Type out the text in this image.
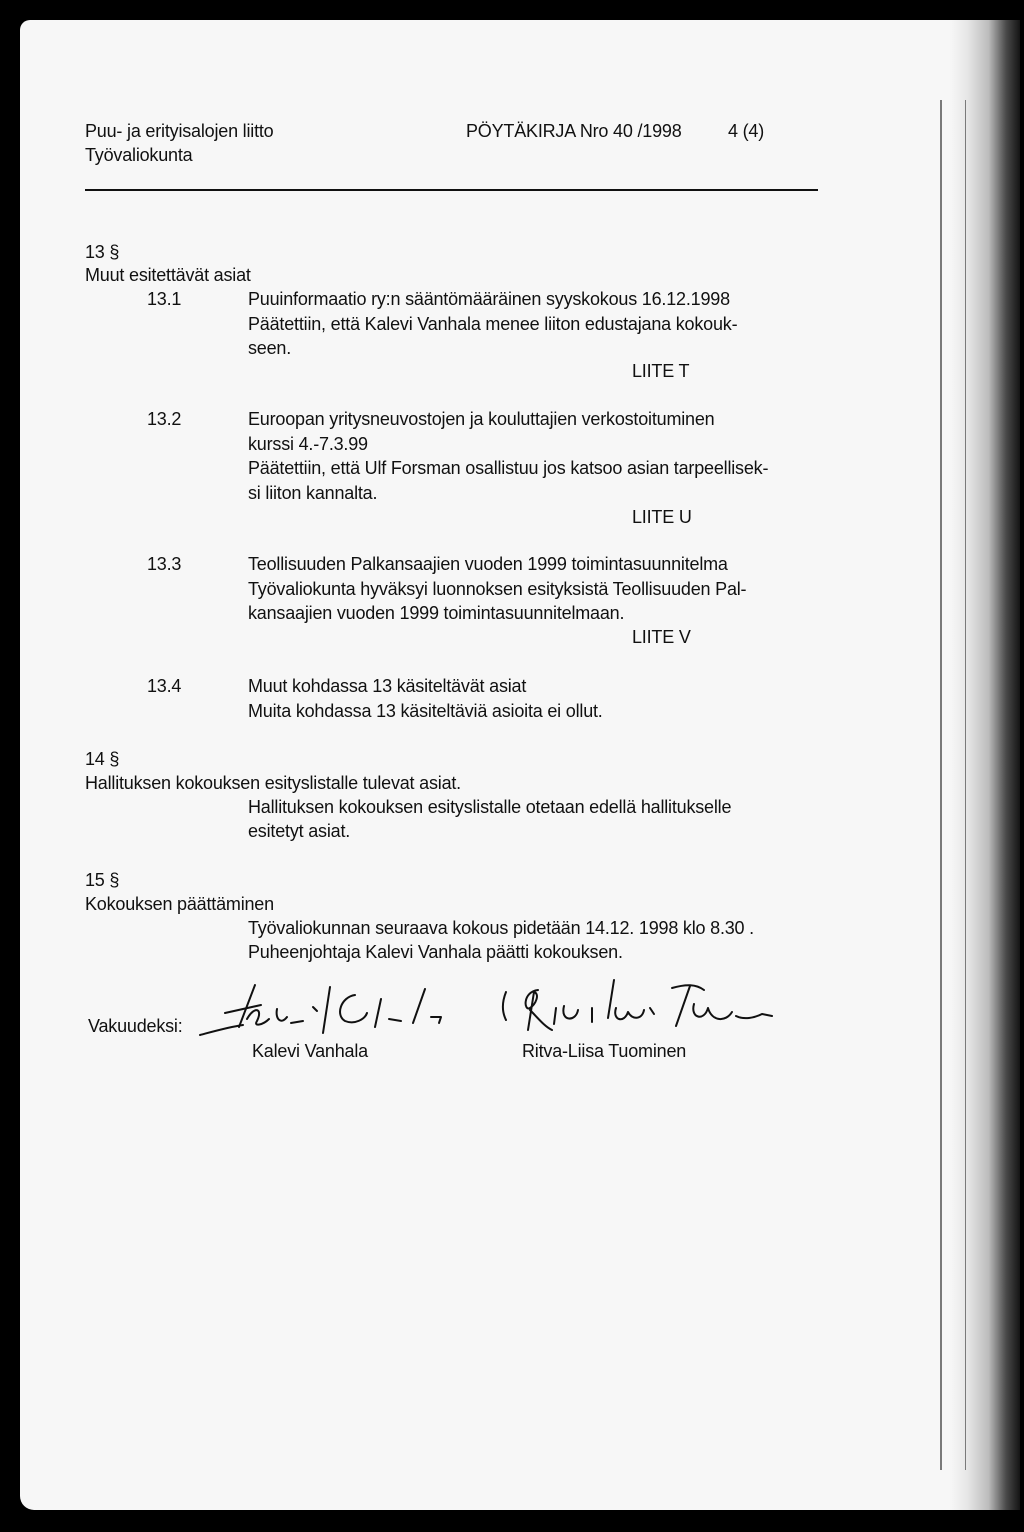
Puu- ja erityisalojen liitto
Työvaliokunta
PÖYTÄKIRJA Nro 40 /1998	4 (4)
13 §
Muut esitettävät asiat
13.1	Puuinformaatio ry:n sääntömääräinen syyskokous 16.12.1998
Päätettiin, että Kalevi Vanhala menee liiton edustajana kokouk-
seen.
LIITE T
13.2	Euroopan yritysneuvostojen ja kouluttajien verkostoituminen
kurssi 4.-7.3.99
Päätettiin, että Ulf Forsman osallistuu jos katsoo asian tarpeellisek-
si liiton kannalta.
LIITE U
13.3	Teollisuuden Palkansaajien vuoden 1999 toimintasuunnitelma
Työvaliokunta hyväksyi luonnoksen esityksistä Teollisuuden Pal-
kansaajien vuoden 1999 toimintasuunnitelmaan.
LIITE V
13.4	Muut kohdassa 13 käsiteltävät asiat
Muita kohdassa 13 käsiteltäviä asioita ei ollut.
14 §
Hallituksen kokouksen esityslistalle tulevat asiat.
Hallituksen kokouksen esityslistalle otetaan edellä hallitukselle
esitetyt asiat.
15 §
Kokouksen päättäminen
Työvaliokunnan seuraava kokous pidetään 14.12. 1998 klo 8.30 .
Puheenjohtaja Kalevi Vanhala päätti kokouksen.
Vakuudeksi:
Kalevi Vanhala	Ritva-Liisa Tuominen
